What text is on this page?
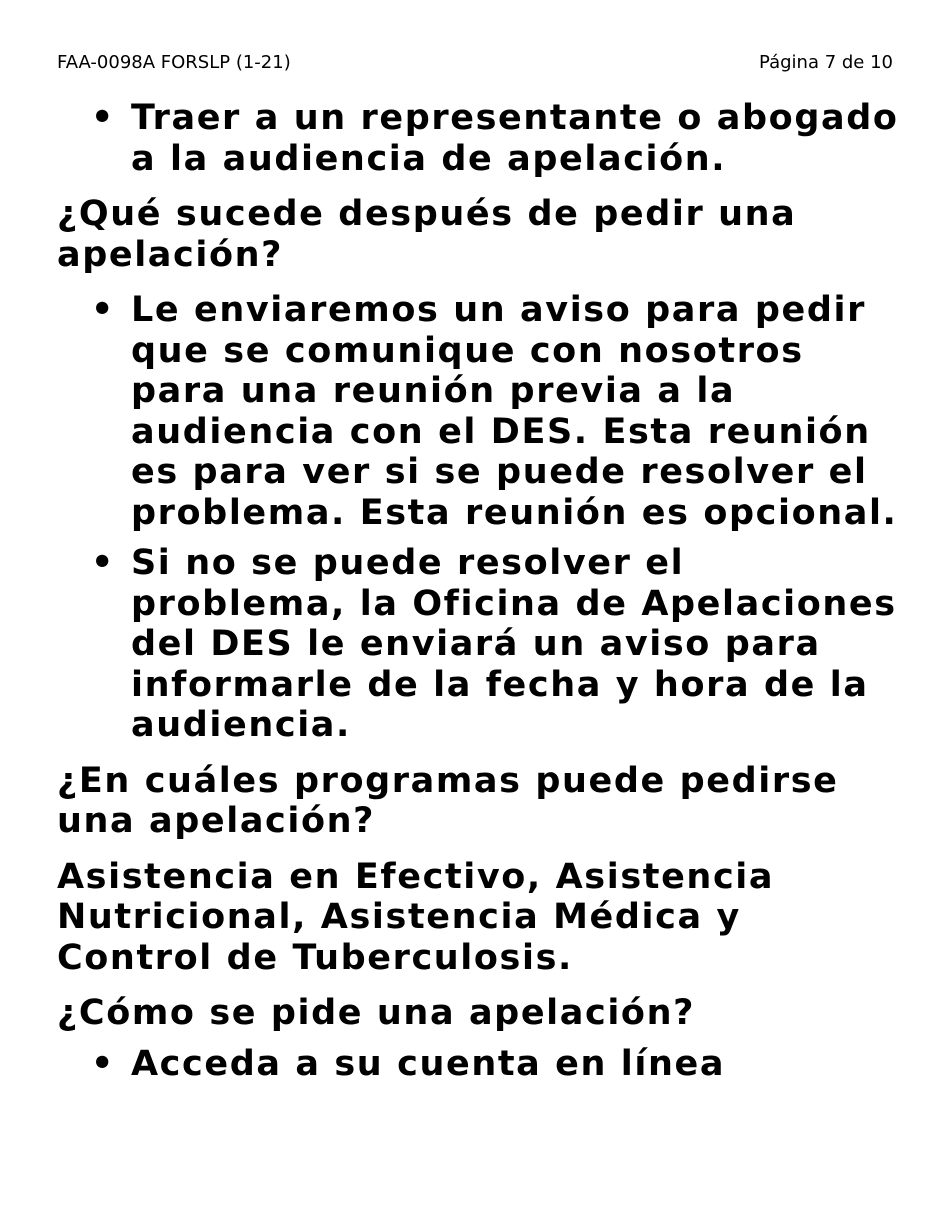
FAA-0098A FORSLP (1-21)	Página 7 de 10
• Traer a un representante o abogado a la audiencia de apelación.
¿Qué sucede después de pedir una apelación?
• Le enviaremos un aviso para pedir que se comunique con nosotros para una reunión previa a la audiencia con el DES. Esta reunión es para ver si se puede resolver el problema. Esta reunión es opcional.
• Si no se puede resolver el problema, la Oficina de Apelaciones del DES le enviará un aviso para informarle de la fecha y hora de la audiencia.
¿En cuáles programas puede pedirse una apelación?
Asistencia en Efectivo, Asistencia Nutricional, Asistencia Médica y Control de Tuberculosis.
¿Cómo se pide una apelación?
• Acceda a su cuenta en línea
